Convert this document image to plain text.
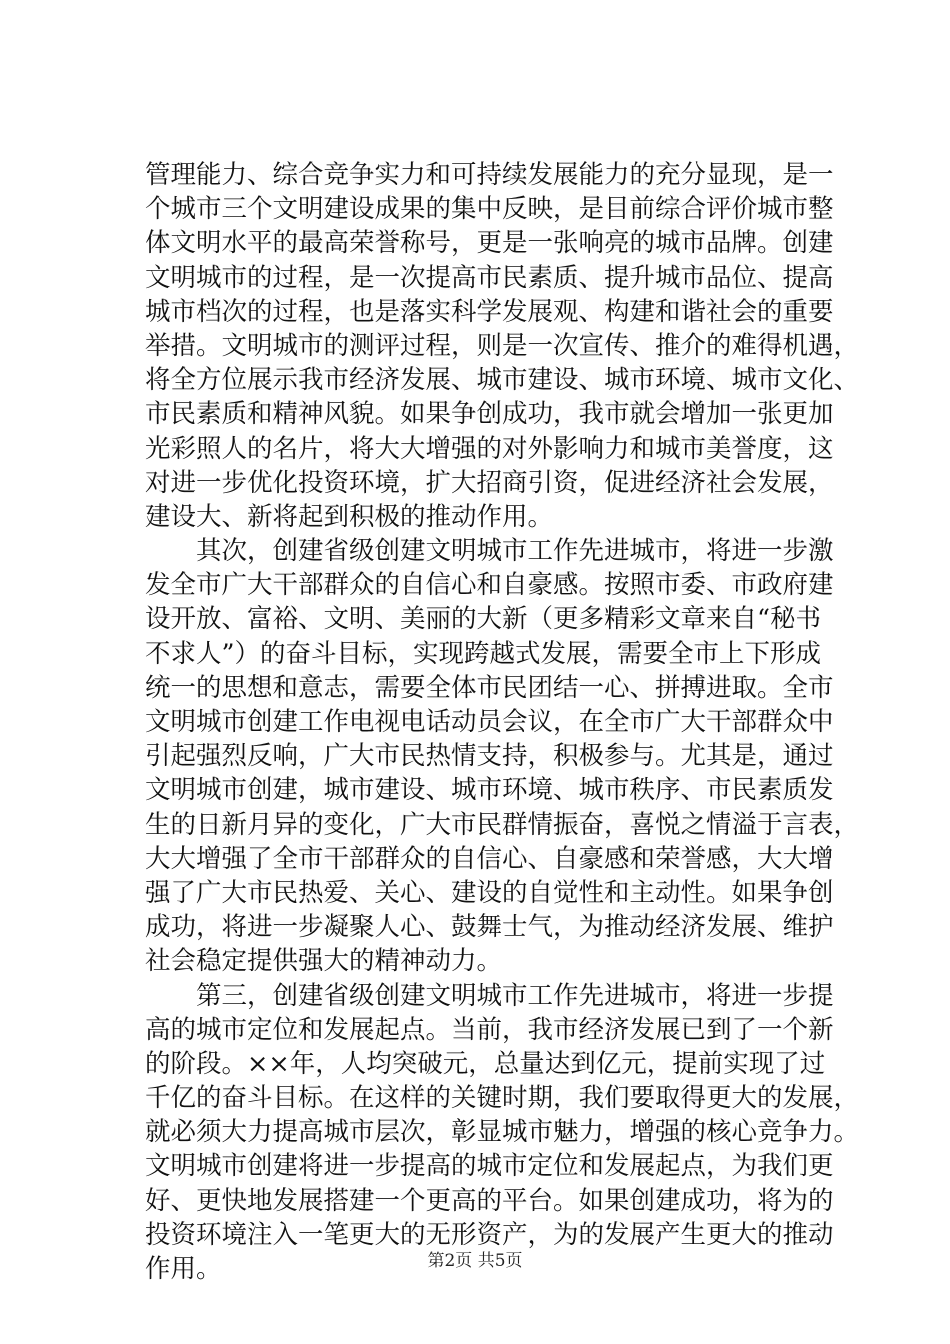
管理能力、综合竞争实力和可持续发展能力的充分显现，是一
个城市三个文明建设成果的集中反映，是目前综合评价城市整
体文明水平的最高荣誉称号，更是一张响亮的城市品牌。创建
文明城市的过程，是一次提高市民素质、提升城市品位、提高
城市档次的过程，也是落实科学发展观、构建和谐社会的重要
举措。文明城市的测评过程，则是一次宣传、推介的难得机遇，
将全方位展示我市经济发展、城市建设、城市环境、城市文化、
市民素质和精神风貌。如果争创成功，我市就会增加一张更加
光彩照人的名片，将大大增强的对外影响力和城市美誉度，这
对进一步优化投资环境，扩大招商引资，促进经济社会发展，
建设大、新将起到积极的推动作用。
　　其次，创建省级创建文明城市工作先进城市，将进一步激
发全市广大干部群众的自信心和自豪感。按照市委、市政府建
设开放、富裕、文明、美丽的大新（更多精彩文章来自“秘书
不求人”）的奋斗目标，实现跨越式发展，需要全市上下形成
统一的思想和意志，需要全体市民团结一心、拼搏进取。全市
文明城市创建工作电视电话动员会议，在全市广大干部群众中
引起强烈反响，广大市民热情支持，积极参与。尤其是，通过
文明城市创建，城市建设、城市环境、城市秩序、市民素质发
生的日新月异的变化，广大市民群情振奋，喜悦之情溢于言表，
大大增强了全市干部群众的自信心、自豪感和荣誉感，大大增
强了广大市民热爱、关心、建设的自觉性和主动性。如果争创
成功，将进一步凝聚人心、鼓舞士气，为推动经济发展、维护
社会稳定提供强大的精神动力。
　　第三，创建省级创建文明城市工作先进城市，将进一步提
高的城市定位和发展起点。当前，我市经济发展已到了一个新
的阶段。××年，人均突破元，总量达到亿元，提前实现了过
千亿的奋斗目标。在这样的关键时期，我们要取得更大的发展，
就必须大力提高城市层次，彰显城市魅力，增强的核心竞争力。
文明城市创建将进一步提高的城市定位和发展起点，为我们更
好、更快地发展搭建一个更高的平台。如果创建成功，将为的
投资环境注入一笔更大的无形资产，为的发展产生更大的推动
作用。	第2页 共5页
